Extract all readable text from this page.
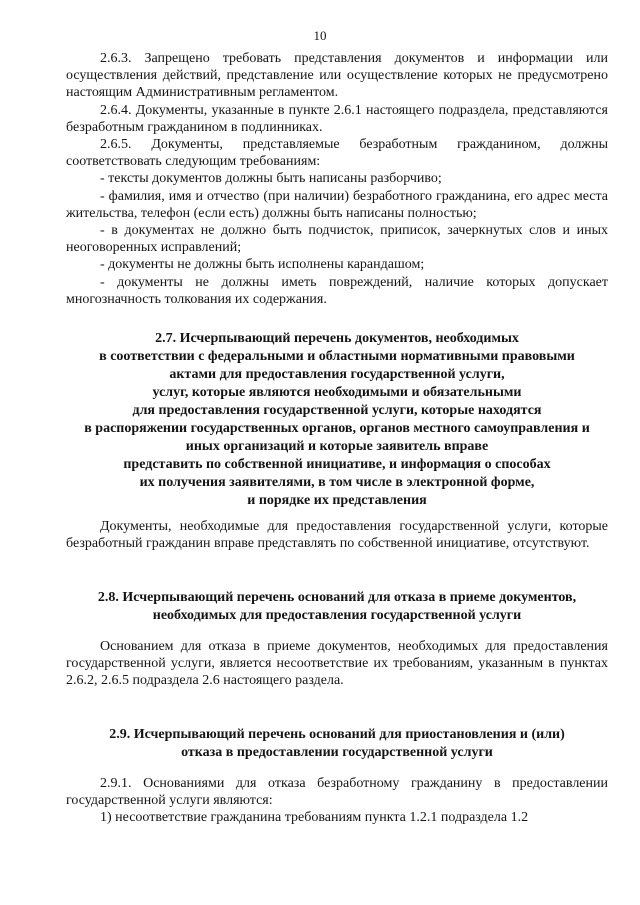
10

2.6.3. Запрещено требовать представления документов и информации или осуществления действий, представление или осуществление которых не предусмотрено настоящим Административным регламентом.

2.6.4. Документы, указанные в пункте 2.6.1 настоящего подраздела, представляются безработным гражданином в подлинниках.

2.6.5. Документы, представляемые безработным гражданином, должны соответствовать следующим требованиям:

- тексты документов должны быть написаны разборчиво;

- фамилия, имя и отчество (при наличии) безработного гражданина, его адрес места жительства, телефон (если есть) должны быть написаны полностью;

- в документах не должно быть подчисток, приписок, зачеркнутых слов и иных неоговоренных исправлений;

- документы не должны быть исполнены карандашом;

- документы не должны иметь повреждений, наличие которых допускает многозначность толкования их содержания.

2.7. Исчерпывающий перечень документов, необходимых
в соответствии с федеральными и областными нормативными правовыми
актами для предоставления государственной услуги,
услуг, которые являются необходимыми и обязательными
для предоставления государственной услуги, которые находятся
в распоряжении государственных органов, органов местного самоуправления и
иных организаций и которые заявитель вправе
представить по собственной инициативе, и информация о способах
их получения заявителями, в том числе в электронной форме,
и порядке их представления

Документы, необходимые для предоставления государственной услуги, которые безработный гражданин вправе представлять по собственной инициативе, отсутствуют.

2.8. Исчерпывающий перечень оснований для отказа в приеме документов,
необходимых для предоставления государственной услуги

Основанием для отказа в приеме документов, необходимых для предоставления государственной услуги, является несоответствие их требованиям, указанным в пунктах 2.6.2, 2.6.5 подраздела 2.6 настоящего раздела.

2.9. Исчерпывающий перечень оснований для приостановления и (или)
отказа в предоставлении государственной услуги

2.9.1. Основаниями для отказа безработному гражданину в предоставлении государственной услуги являются:

1) несоответствие гражданина требованиям пункта 1.2.1 подраздела 1.2
